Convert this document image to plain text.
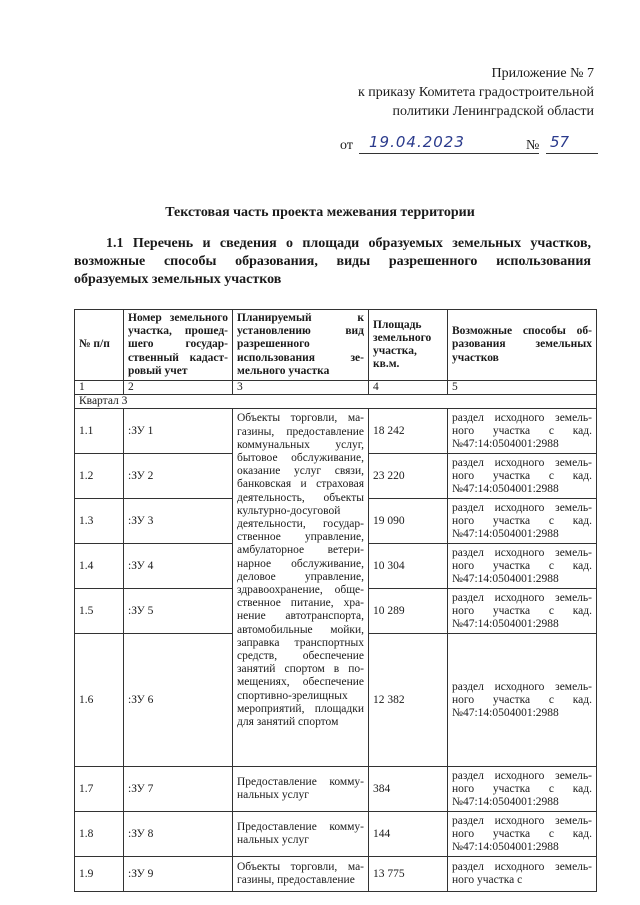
Приложение № 7
к приказу Комитета градостроительной
политики Ленинградской области
от 19.04.2023	№ 57
Текстовая часть проекта межевания территории
1.1 Перечень и сведения о площади образуемых земельных участков, возможные способы образования, виды разрешенного использования образуемых земельных участков
№ п/п	Номер земельного участка, прошед-шего государ-ственный кадаст-ровый учет	Планируемый к установлению вид разрешенного использования зе-мельного участка	Площадь земельного участка, кв.м.	Возможные способы об-разования земельных участков
1	2	3	4	5
Квартал 3				
1.1	:ЗУ 1	Объекты торговли, ма-газины, предоставление коммунальных услуг, бытовое обслуживание, оказание услуг связи, банковская и страховая деятельность, объекты культурно-досуговой деятельности, государ-ственное управление, амбулаторное ветери-нарное обслуживание, деловое управление, здравоохранение, обще-ственное питание, хра-нение автотранспорта, автомобильные мойки, заправка транспортных средств, обеспечение занятий спортом в по-мещениях, обеспечение спортивно-зрелищных мероприятий, площадки для занятий спортом	18 242	раздел исходного земель-ного участка с кад.№47:14:0504001:2988
1.2	:ЗУ 2		23 220	раздел исходного земель-ного участка с кад.№47:14:0504001:2988
1.3	:ЗУ 3		19 090	раздел исходного земель-ного участка с кад.№47:14:0504001:2988
1.4	:ЗУ 4		10 304	раздел исходного земель-ного участка с кад.№47:14:0504001:2988
1.5	:ЗУ 5		10 289	раздел исходного земель-ного участка с кад.№47:14:0504001:2988
1.6	:ЗУ 6		12 382	раздел исходного земель-ного участка с кад.№47:14:0504001:2988
1.7	:ЗУ 7	Предоставление комму-нальных услуг	384	раздел исходного земель-ного участка с кад.№47:14:0504001:2988
1.8	:ЗУ 8	Предоставление комму-нальных услуг	144	раздел исходного земель-ного участка с кад.№47:14:0504001:2988
1.9	:ЗУ 9	Объекты торговли, ма-газины, предоставление	13 775	раздел исходного земель-ного участка с
